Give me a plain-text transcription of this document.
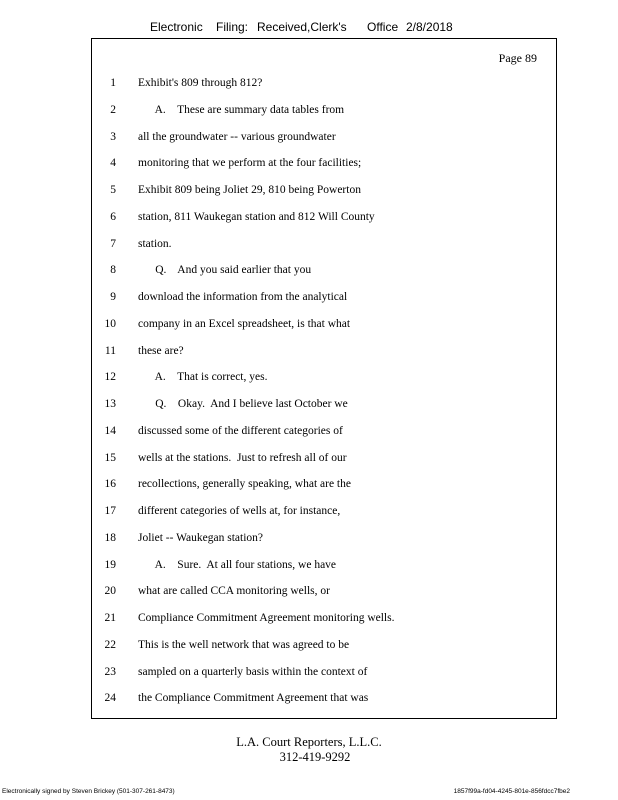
Electronic Filing: Received,Clerk's Office 2/8/2018
Page 89
1 Exhibit's 809 through 812?
2 A.    These are summary data tables from
3 all the groundwater -- various groundwater
4 monitoring that we perform at the four facilities;
5 Exhibit 809 being Joliet 29, 810 being Powerton
6 station, 811 Waukegan station and 812 Will County
7 station.
8 Q.    And you said earlier that you
9 download the information from the analytical
10 company in an Excel spreadsheet, is that what
11 these are?
12 A.    That is correct, yes.
13 Q.    Okay.  And I believe last October we
14 discussed some of the different categories of
15 wells at the stations.  Just to refresh all of our
16 recollections, generally speaking, what are the
17 different categories of wells at, for instance,
18 Joliet -- Waukegan station?
19 A.    Sure.  At all four stations, we have
20 what are called CCA monitoring wells, or
21 Compliance Commitment Agreement monitoring wells.
22 This is the well network that was agreed to be
23 sampled on a quarterly basis within the context of
24 the Compliance Commitment Agreement that was
L.A. Court Reporters, L.L.C.
312-419-9292
Electronically signed by Steven Brickey (501-307-261-8473)	1857f99a-fd04-4245-801e-856fdcc7fbe2
